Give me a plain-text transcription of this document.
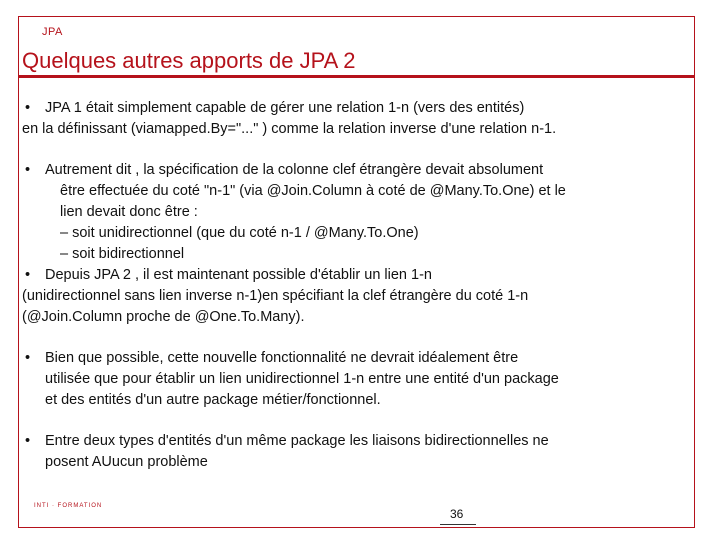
JPA
Quelques autres apports de JPA 2

• JPA 1 était simplement capable de gérer une relation 1-n (vers des entités)

en la définissant (viamapped.By="..." ) comme la relation inverse d'une relation n-1.

• Autrement dit , la spécification de la colonne clef étrangère devait absolument

être effectuée du coté "n-1" (via @Join.Column à coté de @Many.To.One) et le

lien devait donc être :

– soit unidirectionnel (que du coté n-1 / @Many.To.One)

– soit bidirectionnel

• Depuis JPA 2 , il est maintenant possible d'établir un lien 1-n

(unidirectionnel sans lien inverse n-1)en spécifiant la clef étrangère du coté 1-n

(@Join.Column proche de @One.To.Many).

• Bien que possible, cette nouvelle fonctionnalité ne devrait idéalement être

utilisée que pour établir un lien unidirectionnel 1-n entre une entité d'un package

et des entités d'un autre package métier/fonctionnel.

• Entre deux types d'entités d'un même package les liaisons bidirectionnelles ne

posent AUucun problème

INTI · FORMATION
36
